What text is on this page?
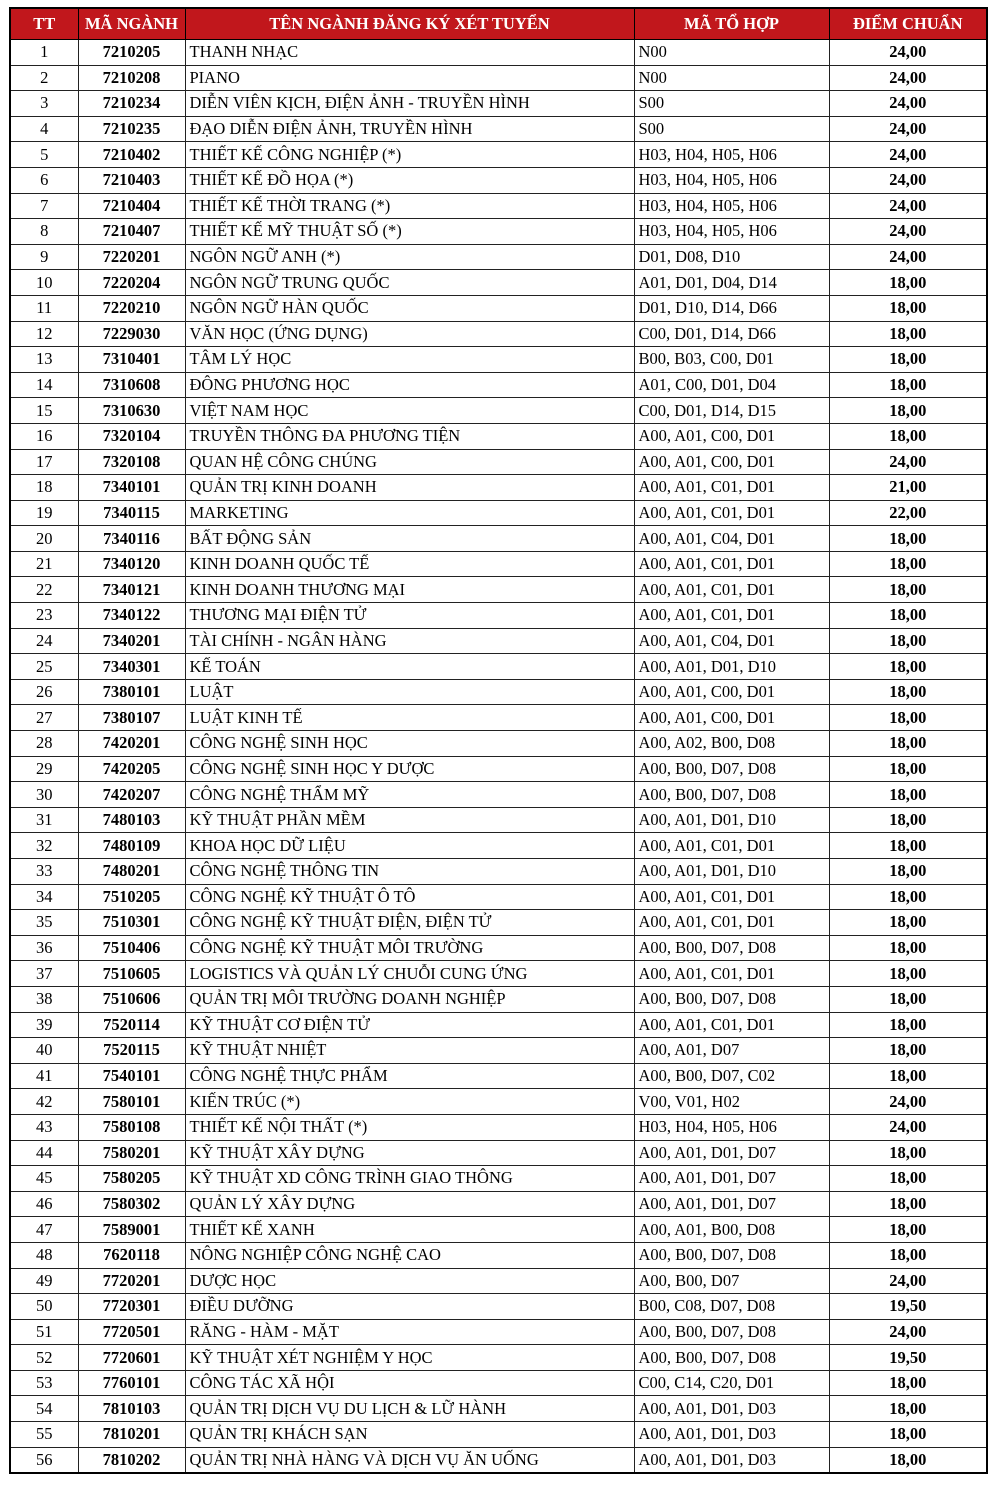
TT	MÃ NGÀNH	TÊN NGÀNH ĐĂNG KÝ XÉT TUYỂN	MÃ TỔ HỢP	ĐIỂM CHUẨN
1	7210205	THANH NHẠC	N00	24,00
2	7210208	PIANO	N00	24,00
3	7210234	DIỄN VIÊN KỊCH, ĐIỆN ẢNH - TRUYỀN HÌNH	S00	24,00
4	7210235	ĐẠO DIỄN ĐIỆN ẢNH, TRUYỀN HÌNH	S00	24,00
5	7210402	THIẾT KẾ CÔNG NGHIỆP (*)	H03, H04, H05, H06	24,00
6	7210403	THIẾT KẾ ĐỒ HỌA (*)	H03, H04, H05, H06	24,00
7	7210404	THIẾT KẾ THỜI TRANG (*)	H03, H04, H05, H06	24,00
8	7210407	THIẾT KẾ MỸ THUẬT SỐ (*)	H03, H04, H05, H06	24,00
9	7220201	NGÔN NGỮ ANH (*)	D01, D08, D10	24,00
10	7220204	NGÔN NGỮ TRUNG QUỐC	A01, D01, D04, D14	18,00
11	7220210	NGÔN NGỮ HÀN QUỐC	D01, D10, D14, D66	18,00
12	7229030	VĂN HỌC (ỨNG DỤNG)	C00, D01, D14, D66	18,00
13	7310401	TÂM LÝ HỌC	B00, B03, C00, D01	18,00
14	7310608	ĐÔNG PHƯƠNG HỌC	A01, C00, D01, D04	18,00
15	7310630	VIỆT NAM HỌC	C00, D01, D14, D15	18,00
16	7320104	TRUYỀN THÔNG ĐA PHƯƠNG TIỆN	A00, A01, C00, D01	18,00
17	7320108	QUAN HỆ CÔNG CHÚNG	A00, A01, C00, D01	24,00
18	7340101	QUẢN TRỊ KINH DOANH	A00, A01, C01, D01	21,00
19	7340115	MARKETING	A00, A01, C01, D01	22,00
20	7340116	BẤT ĐỘNG SẢN	A00, A01, C04, D01	18,00
21	7340120	KINH DOANH QUỐC TẾ	A00, A01, C01, D01	18,00
22	7340121	KINH DOANH THƯƠNG MẠI	A00, A01, C01, D01	18,00
23	7340122	THƯƠNG MẠI ĐIỆN TỬ	A00, A01, C01, D01	18,00
24	7340201	TÀI CHÍNH - NGÂN HÀNG	A00, A01, C04, D01	18,00
25	7340301	KẾ TOÁN	A00, A01, D01, D10	18,00
26	7380101	LUẬT	A00, A01, C00, D01	18,00
27	7380107	LUẬT KINH TẾ	A00, A01, C00, D01	18,00
28	7420201	CÔNG NGHỆ SINH HỌC	A00, A02, B00, D08	18,00
29	7420205	CÔNG NGHỆ SINH HỌC Y DƯỢC	A00, B00, D07, D08	18,00
30	7420207	CÔNG NGHỆ THẨM MỸ	A00, B00, D07, D08	18,00
31	7480103	KỸ THUẬT PHẦN MỀM	A00, A01, D01, D10	18,00
32	7480109	KHOA HỌC DỮ LIỆU	A00, A01, C01, D01	18,00
33	7480201	CÔNG NGHỆ THÔNG TIN	A00, A01, D01, D10	18,00
34	7510205	CÔNG NGHỆ KỸ THUẬT Ô TÔ	A00, A01, C01, D01	18,00
35	7510301	CÔNG NGHỆ KỸ THUẬT ĐIỆN, ĐIỆN TỬ	A00, A01, C01, D01	18,00
36	7510406	CÔNG NGHỆ KỸ THUẬT MÔI TRƯỜNG	A00, B00, D07, D08	18,00
37	7510605	LOGISTICS VÀ QUẢN LÝ CHUỖI CUNG ỨNG	A00, A01, C01, D01	18,00
38	7510606	QUẢN TRỊ MÔI TRƯỜNG DOANH NGHIỆP	A00, B00, D07, D08	18,00
39	7520114	KỸ THUẬT CƠ ĐIỆN TỬ	A00, A01, C01, D01	18,00
40	7520115	KỸ THUẬT NHIỆT	A00, A01, D07	18,00
41	7540101	CÔNG NGHỆ THỰC PHẨM	A00, B00, D07, C02	18,00
42	7580101	KIẾN TRÚC (*)	V00, V01, H02	24,00
43	7580108	THIẾT KẾ NỘI THẤT (*)	H03, H04, H05, H06	24,00
44	7580201	KỸ THUẬT XÂY DỰNG	A00, A01, D01, D07	18,00
45	7580205	KỸ THUẬT XD CÔNG TRÌNH GIAO THÔNG	A00, A01, D01, D07	18,00
46	7580302	QUẢN LÝ XÂY DỰNG	A00, A01, D01, D07	18,00
47	7589001	THIẾT KẾ XANH	A00, A01, B00, D08	18,00
48	7620118	NÔNG NGHIỆP CÔNG NGHỆ CAO	A00, B00, D07, D08	18,00
49	7720201	DƯỢC HỌC	A00, B00, D07	24,00
50	7720301	ĐIỀU DƯỠNG	B00, C08, D07, D08	19,50
51	7720501	RĂNG - HÀM - MẶT	A00, B00, D07, D08	24,00
52	7720601	KỸ THUẬT XÉT NGHIỆM Y HỌC	A00, B00, D07, D08	19,50
53	7760101	CÔNG TÁC XÃ HỘI	C00, C14, C20, D01	18,00
54	7810103	QUẢN TRỊ DỊCH VỤ DU LỊCH & LỮ HÀNH	A00, A01, D01, D03	18,00
55	7810201	QUẢN TRỊ KHÁCH SẠN	A00, A01, D01, D03	18,00
56	7810202	QUẢN TRỊ NHÀ HÀNG VÀ DỊCH VỤ ĂN UỐNG	A00, A01, D01, D03	18,00
